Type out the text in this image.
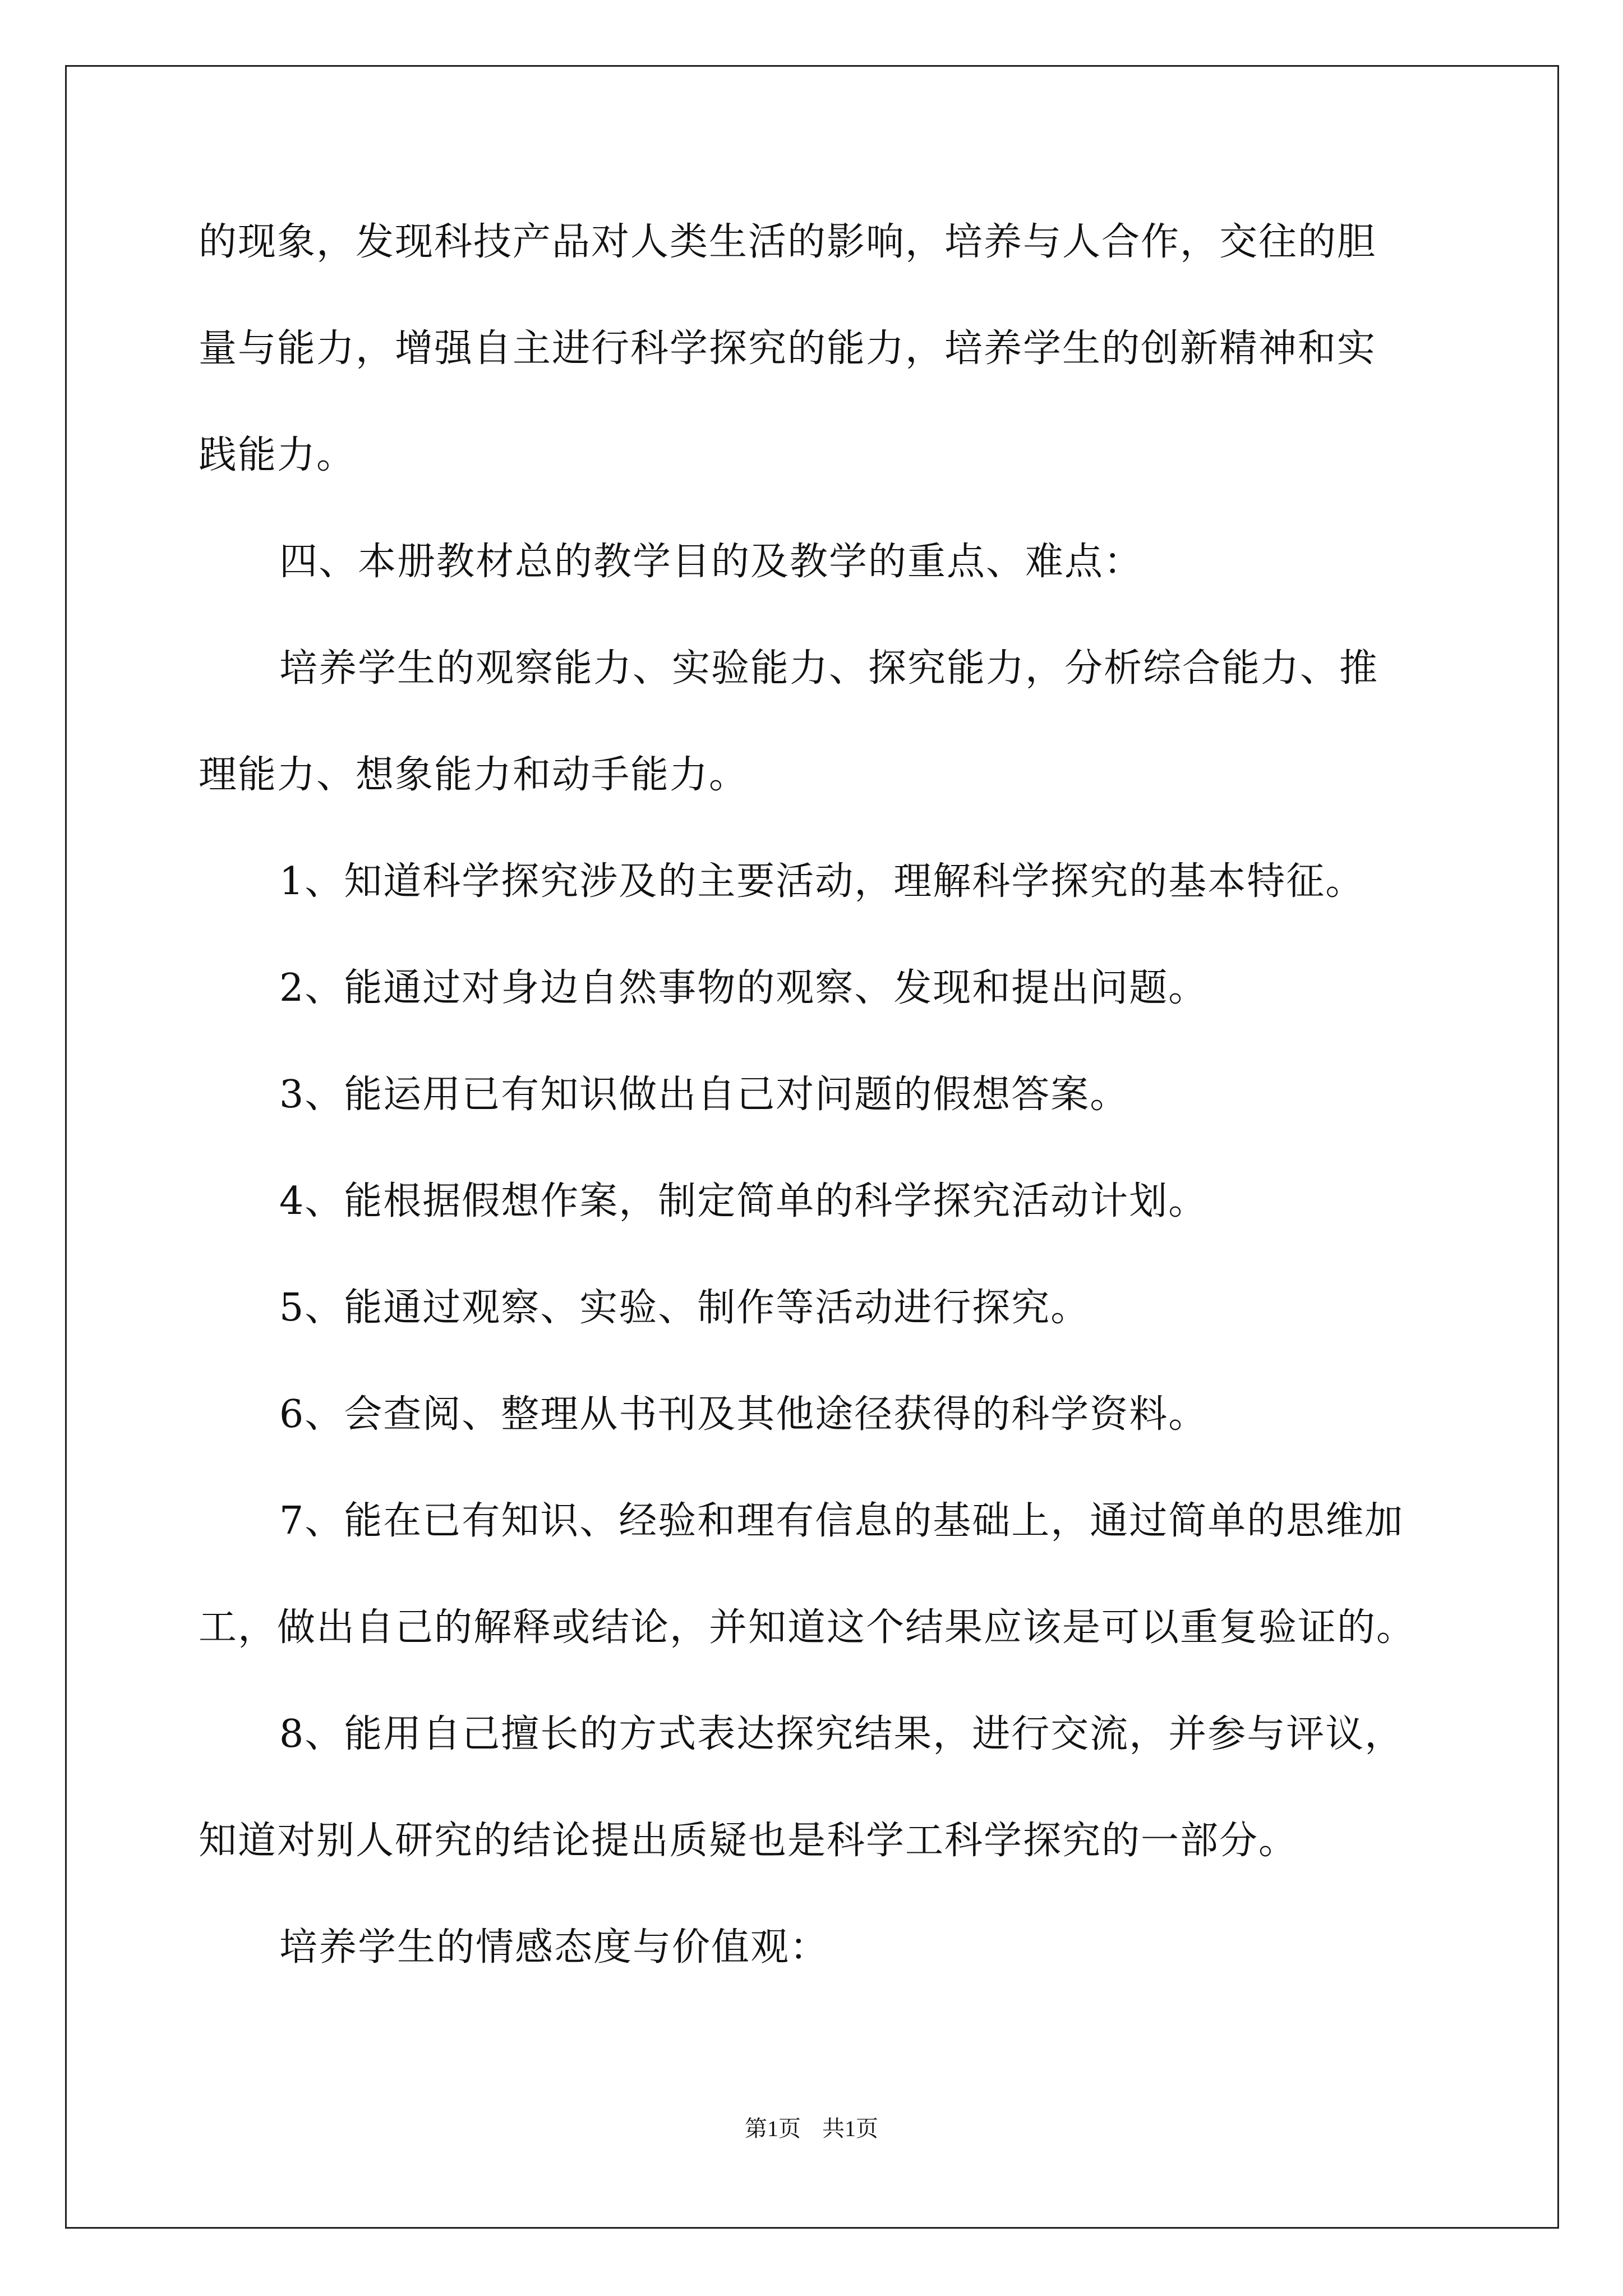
的现象，发现科技产品对人类生活的影响，培养与人合作，交往的胆
量与能力，增强自主进行科学探究的能力，培养学生的创新精神和实
践能力。
四、本册教材总的教学目的及教学的重点、难点：
培养学生的观察能力、实验能力、探究能力，分析综合能力、推
理能力、想象能力和动手能力。
1、知道科学探究涉及的主要活动，理解科学探究的基本特征。
2、能通过对身边自然事物的观察、发现和提出问题。
3、能运用已有知识做出自己对问题的假想答案。
4、能根据假想作案，制定简单的科学探究活动计划。
5、能通过观察、实验、制作等活动进行探究。
6、会查阅、整理从书刊及其他途径获得的科学资料。
7、能在已有知识、经验和理有信息的基础上，通过简单的思维加
工，做出自己的解释或结论，并知道这个结果应该是可以重复验证的。
8、能用自己擅长的方式表达探究结果，进行交流，并参与评议，
知道对别人研究的结论提出质疑也是科学工科学探究的一部分。
培养学生的情感态度与价值观：
第1页 共1页
